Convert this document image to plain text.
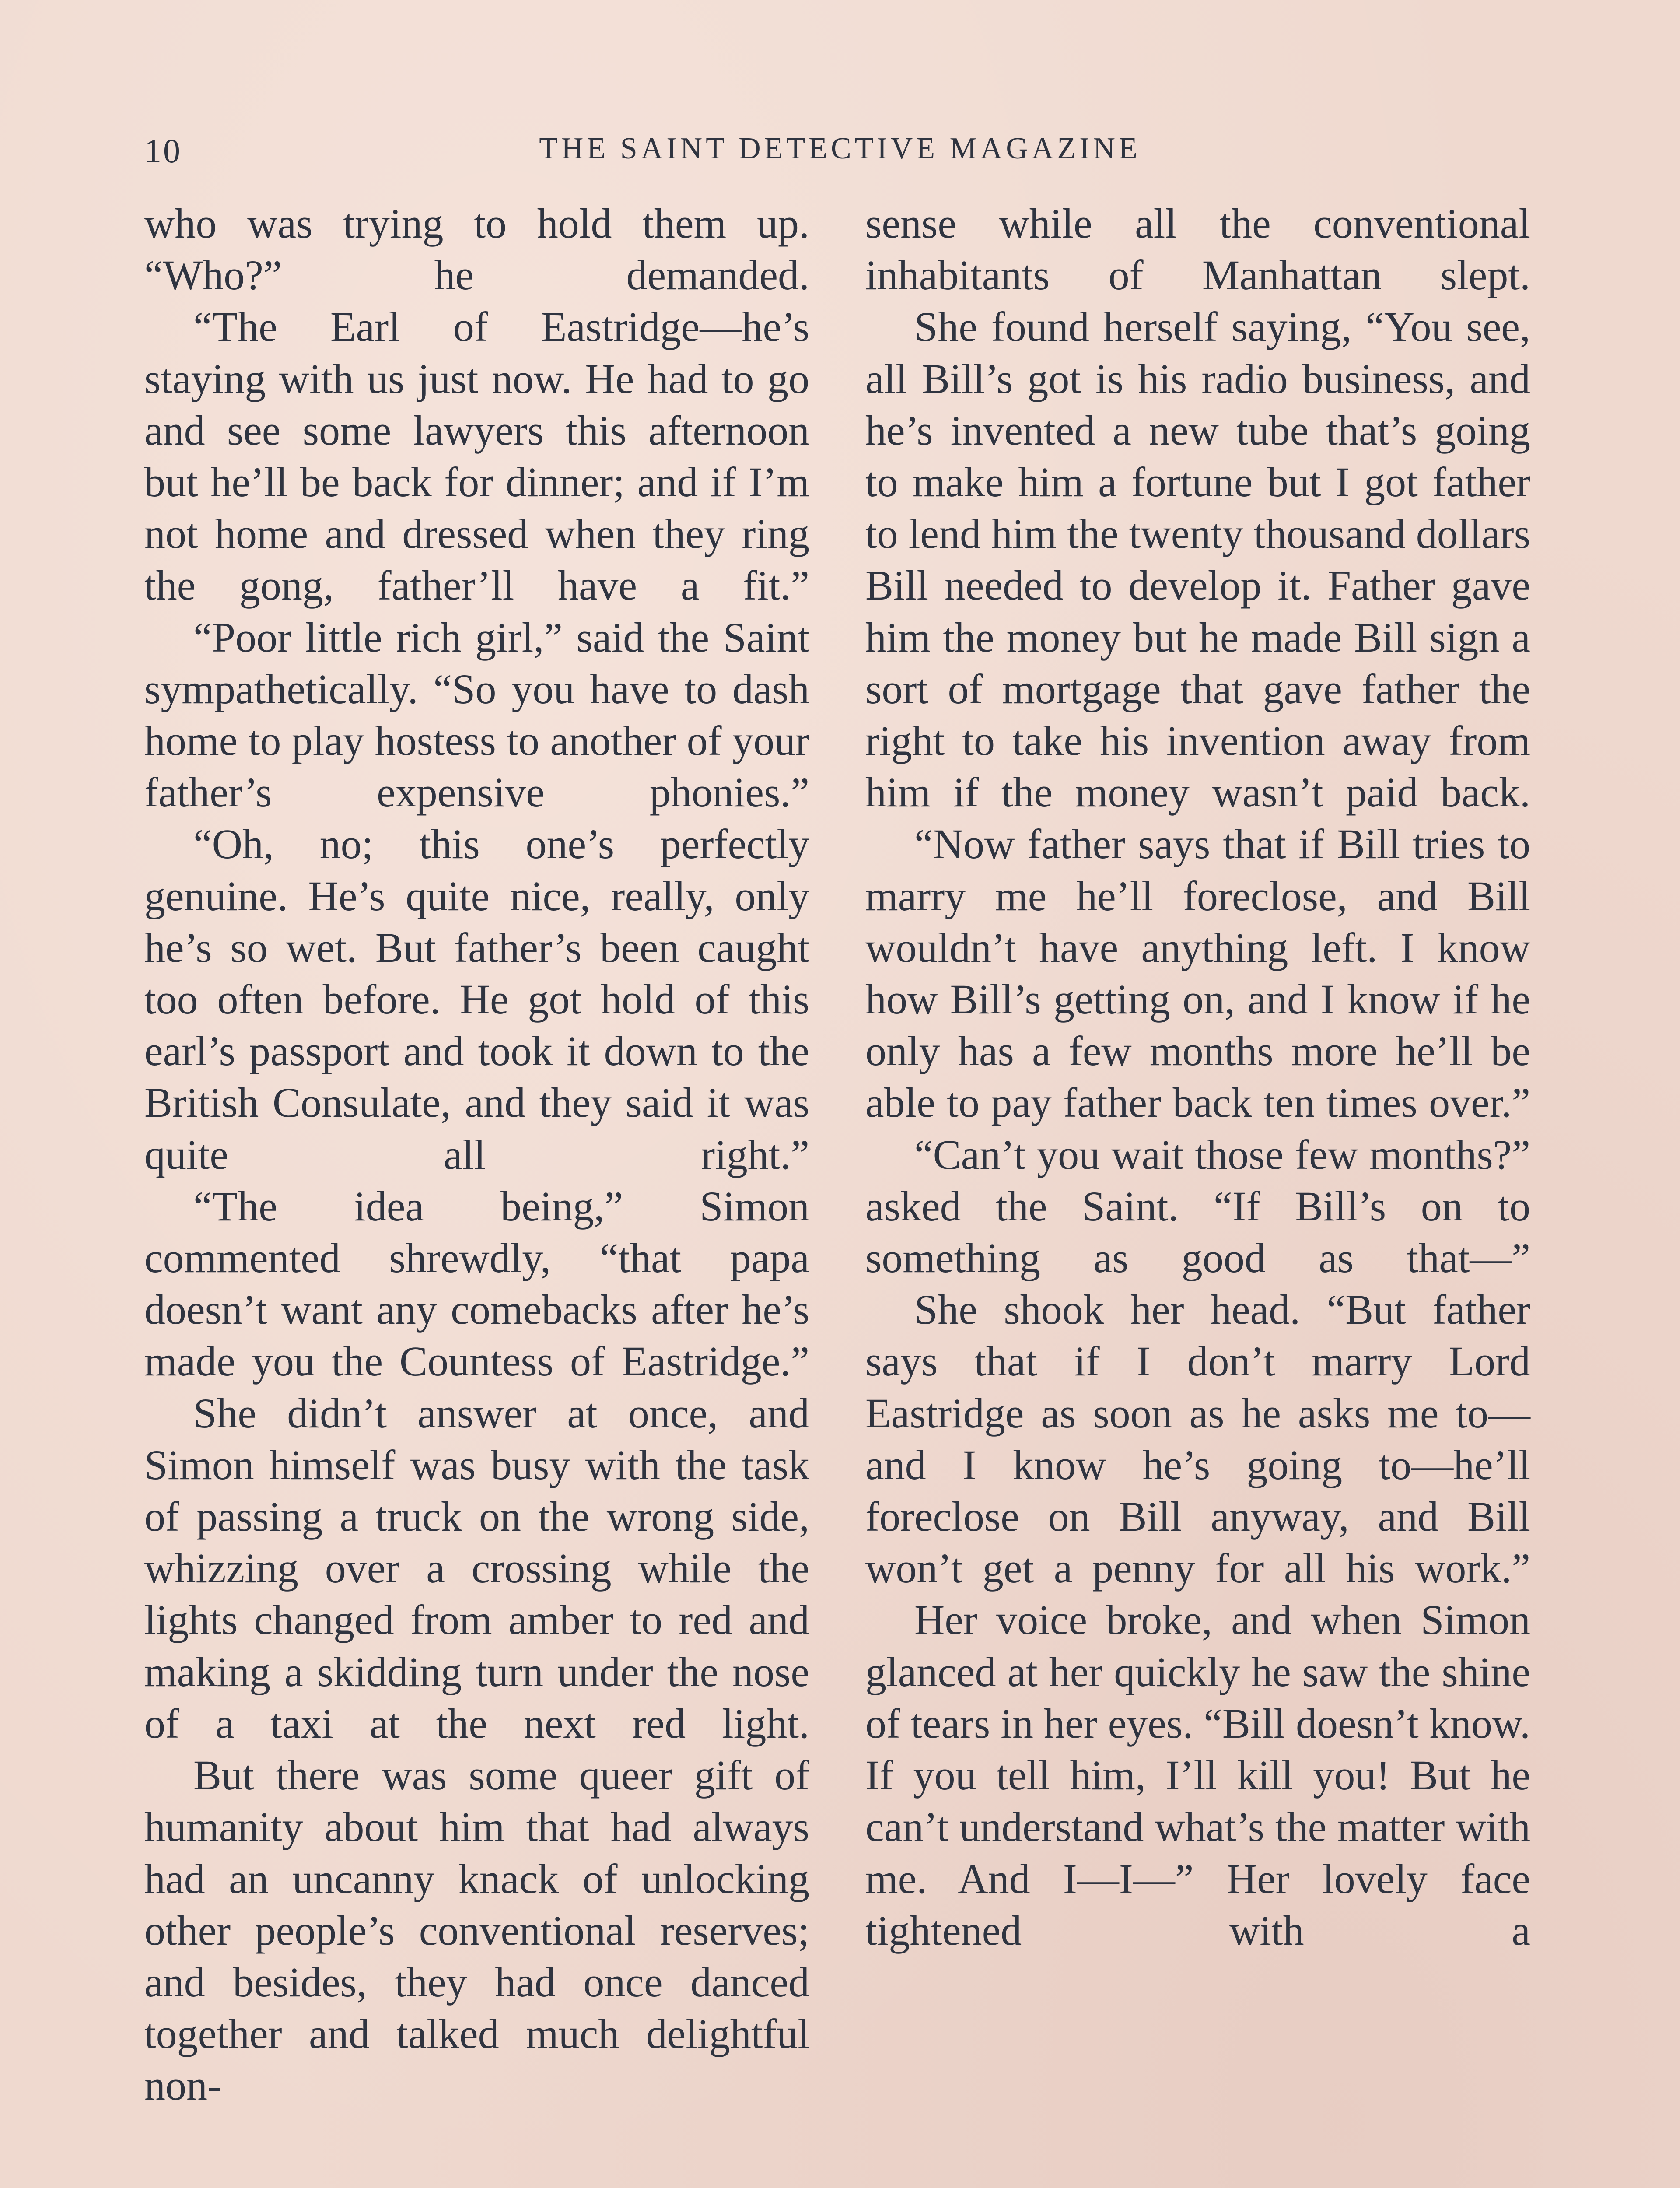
10	THE SAINT DETECTIVE MAGAZINE

who was trying to hold them up. “Who?” he demanded.

“The Earl of Eastridge—he’s staying with us just now. He had to go and see some lawyers this afternoon but he’ll be back for dinner; and if I’m not home and dressed when they ring the gong, father’ll have a fit.”

“Poor little rich girl,” said the Saint sympathetically. “So you have to dash home to play hostess to another of your father’s expensive phonies.”

“Oh, no; this one’s perfectly genuine. He’s quite nice, really, only he’s so wet. But father’s been caught too often before. He got hold of this earl’s passport and took it down to the British Consulate, and they said it was quite all right.”

“The idea being,” Simon commented shrewdly, “that papa doesn’t want any comebacks after he’s made you the Countess of Eastridge.”

She didn’t answer at once, and Simon himself was busy with the task of passing a truck on the wrong side, whizzing over a crossing while the lights changed from amber to red and making a skidding turn under the nose of a taxi at the next red light.

But there was some queer gift of humanity about him that had always had an uncanny knack of unlocking other people’s conventional reserves; and besides, they had once danced together and talked much delightful non-

sense while all the conventional inhabitants of Manhattan slept.

She found herself saying, “You see, all Bill’s got is his radio business, and he’s invented a new tube that’s going to make him a fortune but I got father to lend him the twenty thousand dollars Bill needed to develop it. Father gave him the money but he made Bill sign a sort of mortgage that gave father the right to take his invention away from him if the money wasn’t paid back.

“Now father says that if Bill tries to marry me he’ll foreclose, and Bill wouldn’t have anything left. I know how Bill’s getting on, and I know if he only has a few months more he’ll be able to pay father back ten times over.”

“Can’t you wait those few months?” asked the Saint. “If Bill’s on to something as good as that—”

She shook her head. “But father says that if I don’t marry Lord Eastridge as soon as he asks me to—and I know he’s going to—he’ll foreclose on Bill anyway, and Bill won’t get a penny for all his work.”

Her voice broke, and when Simon glanced at her quickly he saw the shine of tears in her eyes. “Bill doesn’t know. If you tell him, I’ll kill you! But he can’t understand what’s the matter with me. And I—I—” Her lovely face tightened with a
